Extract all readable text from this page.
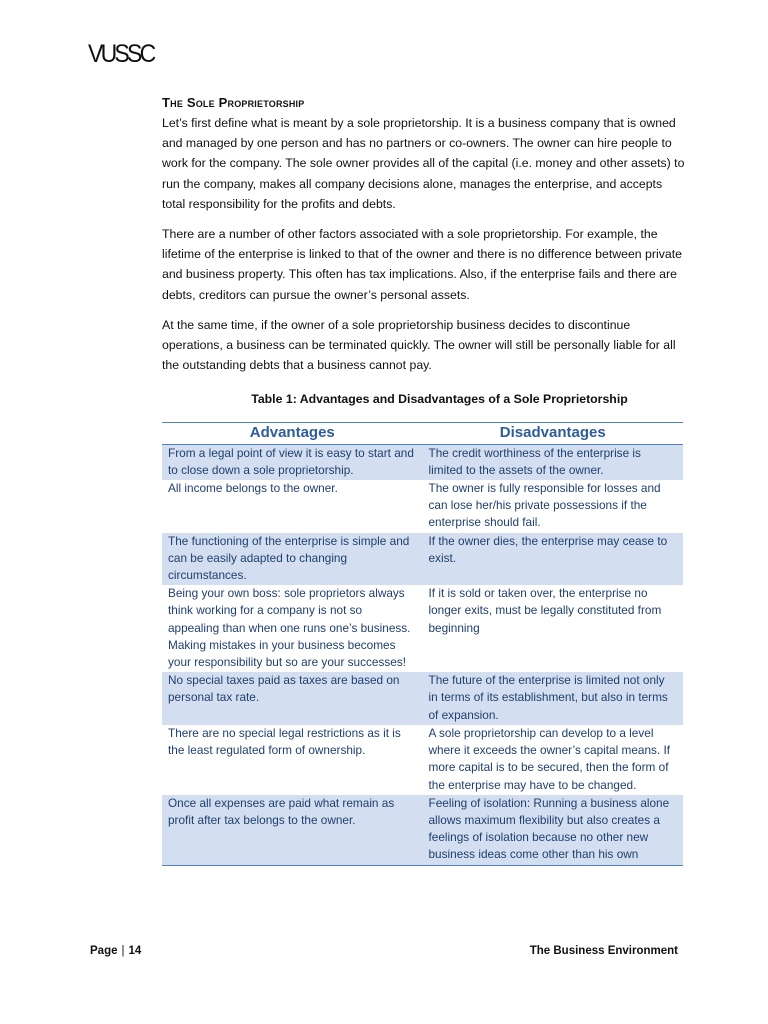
VUSSC
The Sole Proprietorship

Let’s first define what is meant by a sole proprietorship. It is a business company that is owned and managed by one person and has no partners or co-owners. The owner can hire people to work for the company. The sole owner provides all of the capital (i.e. money and other assets) to run the company, makes all company decisions alone, manages the enterprise, and accepts total responsibility for the profits and debts.

There are a number of other factors associated with a sole proprietorship. For example, the lifetime of the enterprise is linked to that of the owner and there is no difference between private and business property. This often has tax implications. Also, if the enterprise fails and there are debts, creditors can pursue the owner’s personal assets.

At the same time, if the owner of a sole proprietorship business decides to discontinue operations, a business can be terminated quickly. The owner will still be personally liable for all the outstanding debts that a business cannot pay.

Table 1: Advantages and Disadvantages of a Sole Proprietorship
Advantages	Disadvantages
From a legal point of view it is easy to start and to close down a sole proprietorship.	The credit worthiness of the enterprise is limited to the assets of the owner.
All income belongs to the owner.	The owner is fully responsible for losses and can lose her/his private possessions if the enterprise should fail.
The functioning of the enterprise is simple and can be easily adapted to changing circumstances.	If the owner dies, the enterprise may cease to exist.
Being your own boss: sole proprietors always think working for a company is not so appealing than when one runs one’s business. Making mistakes in your business becomes your responsibility but so are your successes!	If it is sold or taken over, the enterprise no longer exits, must be legally constituted from beginning
No special taxes paid as taxes are based on personal tax rate.	The future of the enterprise is limited not only in terms of its establishment, but also in terms of expansion.
There are no special legal restrictions as it is the least regulated form of ownership.	A sole proprietorship can develop to a level where it exceeds the owner’s capital means. If more capital is to be secured, then the form of the enterprise may have to be changed.
Once all expenses are paid what remain as profit after tax belongs to the owner.	Feeling of isolation: Running a business alone allows maximum flexibility but also creates a feelings of isolation because no other new business ideas come other than his own
Page | 14	The Business Environment
